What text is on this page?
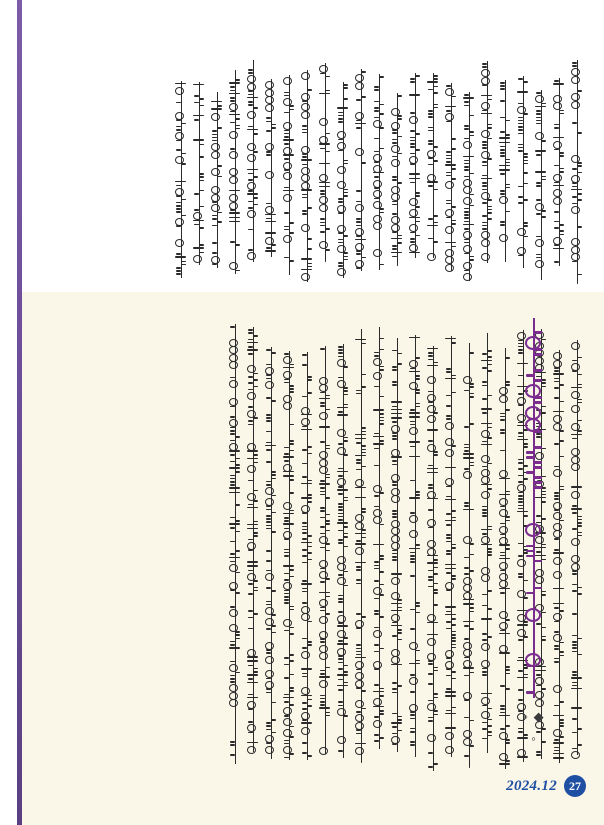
◦ ◆ ◦
2024.12	27
